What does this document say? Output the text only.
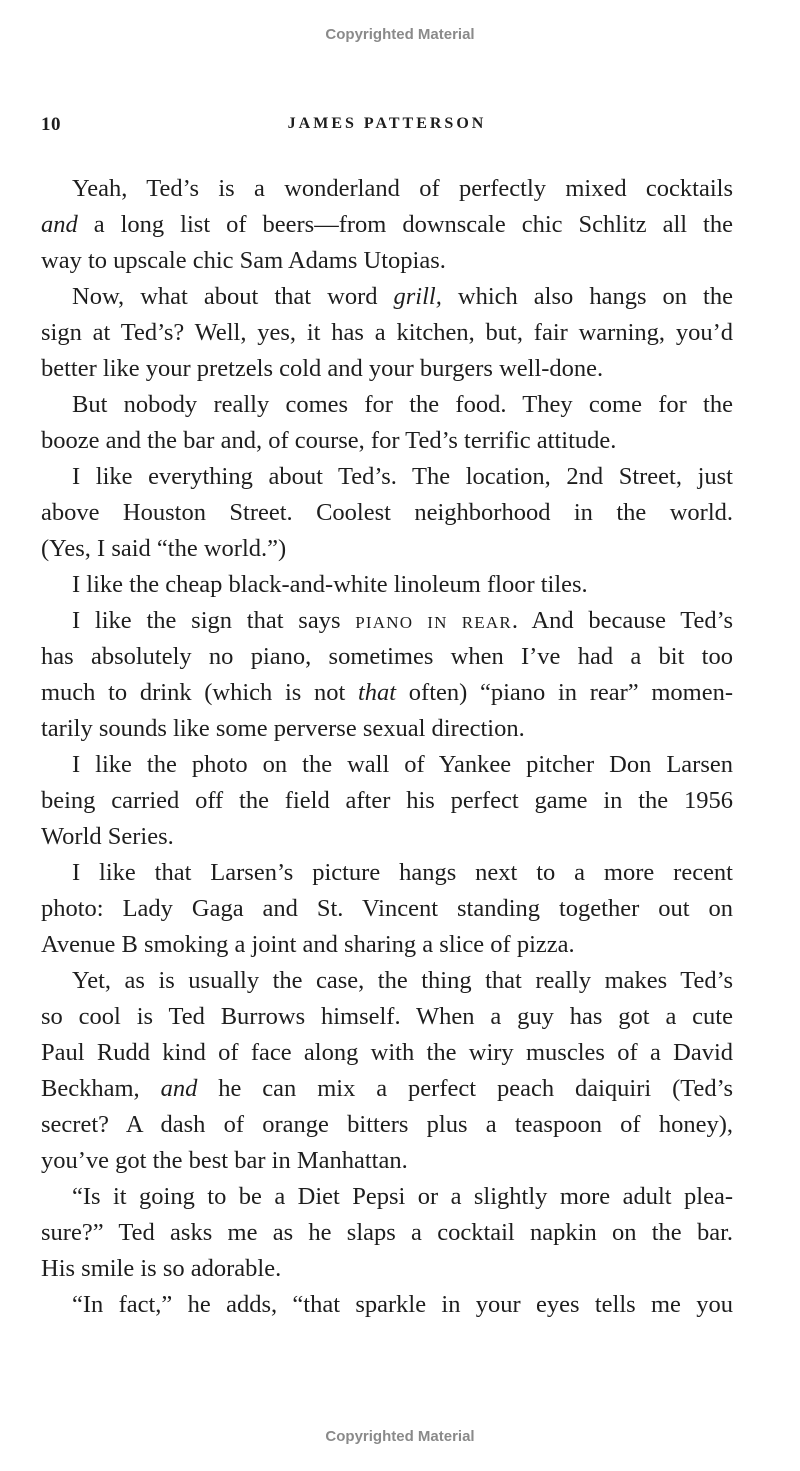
Copyrighted Material
10	JAMES PATTERSON
Yeah, Ted’s is a wonderland of perfectly mixed cocktails
and a long list of beers—from downscale chic Schlitz all the
way to upscale chic Sam Adams Utopias.
Now, what about that word grill, which also hangs on the
sign at Ted’s? Well, yes, it has a kitchen, but, fair warning, you’d
better like your pretzels cold and your burgers well-done.
But nobody really comes for the food. They come for the
booze and the bar and, of course, for Ted’s terrific attitude.
I like everything about Ted’s. The location, 2nd Street, just
above Houston Street. Coolest neighborhood in the world.
(Yes, I said “the world.”)
I like the cheap black-and-white linoleum floor tiles.
I like the sign that says PIANO IN REAR. And because Ted’s
has absolutely no piano, sometimes when I’ve had a bit too
much to drink (which is not that often) “piano in rear” momen-
tarily sounds like some perverse sexual direction.
I like the photo on the wall of Yankee pitcher Don Larsen
being carried off the field after his perfect game in the 1956
World Series.
I like that Larsen’s picture hangs next to a more recent
photo: Lady Gaga and St. Vincent standing together out on
Avenue B smoking a joint and sharing a slice of pizza.
Yet, as is usually the case, the thing that really makes Ted’s
so cool is Ted Burrows himself. When a guy has got a cute
Paul Rudd kind of face along with the wiry muscles of a David
Beckham, and he can mix a perfect peach daiquiri (Ted’s
secret? A dash of orange bitters plus a teaspoon of honey),
you’ve got the best bar in Manhattan.
“Is it going to be a Diet Pepsi or a slightly more adult plea-
sure?” Ted asks me as he slaps a cocktail napkin on the bar.
His smile is so adorable.
“In fact,” he adds, “that sparkle in your eyes tells me you
Copyrighted Material
